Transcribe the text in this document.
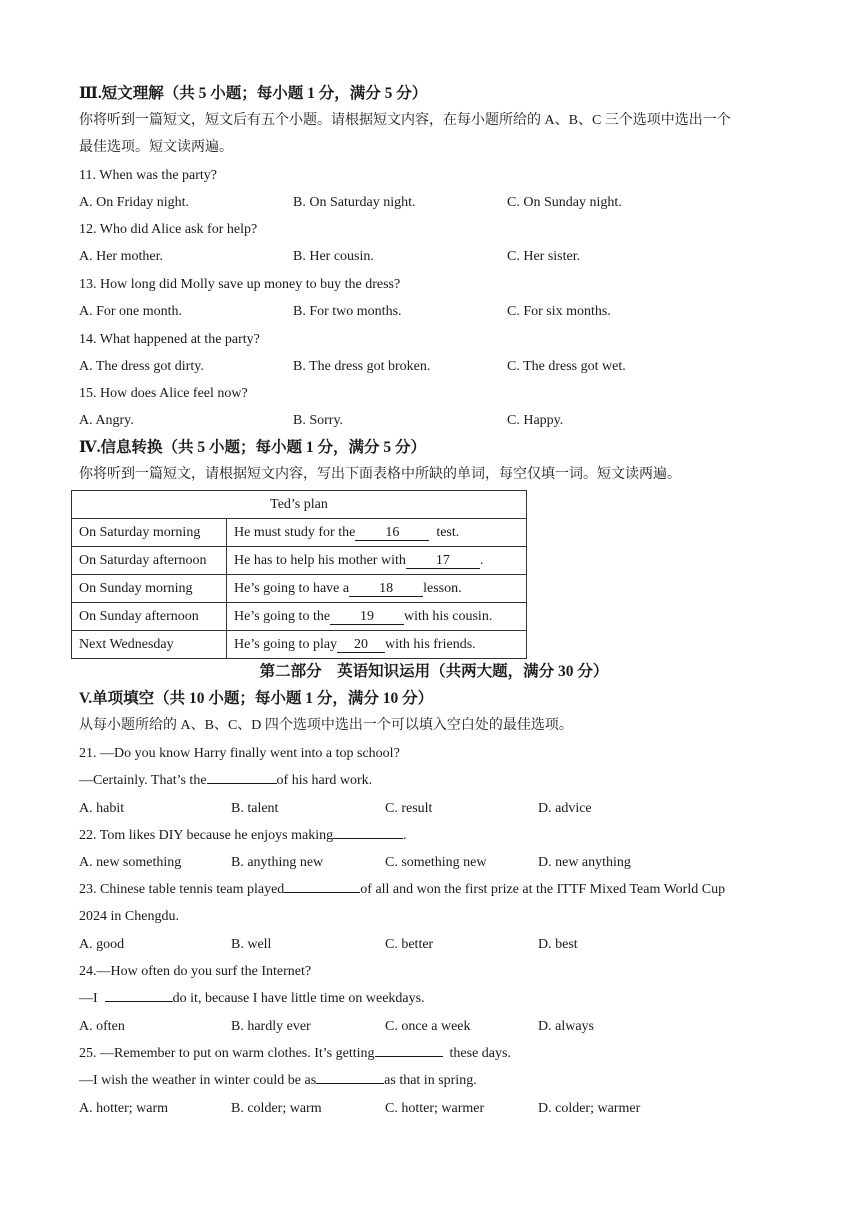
Ⅲ.短文理解（共 5 小题；每小题 1 分，满分 5 分）
你将听到一篇短文，短文后有五个小题。请根据短文内容，在每小题所给的 A、B、C 三个选项中选出一个
最佳选项。短文读两遍。
11. When was the party?
A. On Friday night.	B. On Saturday night.	C. On Sunday night.
12. Who did Alice ask for help?
A. Her mother.	B. Her cousin.	C. Her sister.
13. How long did Molly save up money to buy the dress?
A. For one month.	B. For two months.	C. For six months.
14. What happened at the party?
A. The dress got dirty.	B. The dress got broken.	C. The dress got wet.
15. How does Alice feel now?
A. Angry.	B. Sorry.	C. Happy.
Ⅳ.信息转换（共 5 小题；每小题 1 分，满分 5 分）
你将听到一篇短文，请根据短文内容，写出下面表格中所缺的单词，每空仅填一词。短文读两遍。
Ted’s plan	
On Saturday morning	He must study for the 16 test.
On Saturday afternoon	He has to help his mother with 17 .
On Sunday morning	He’s going to have a 18 lesson.
On Sunday afternoon	He’s going to the 19 with his cousin.
Next Wednesday	He’s going to play 20 with his friends.
第二部分　英语知识运用（共两大题，满分 30 分）
V.单项填空（共 10 小题；每小题 1 分，满分 10 分）
从每小题所给的 A、B、C、D 四个选项中选出一个可以填入空白处的最佳选项。
21. —Do you know Harry finally went into a top school?
—Certainly. That’s the	of his hard work.
A. habit	B. talent	C. result	D. advice
22. Tom likes DIY because he enjoys making	.
A. new something	B. anything new	C. something new	D. new anything
23. Chinese table tennis team played	of all and won the first prize at the ITTF Mixed Team World Cup
2024 in Chengdu.
A. good	B. well	C. better	D. best
24.—How often do you surf the Internet?
—I	do it, because I have little time on weekdays.
A. often	B. hardly ever	C. once a week	D. always
25. —Remember to put on warm clothes. It’s getting	these days.
—I wish the weather in winter could be as	as that in spring.
A. hotter; warm	B. colder; warm	C. hotter; warmer	D. colder; warmer
